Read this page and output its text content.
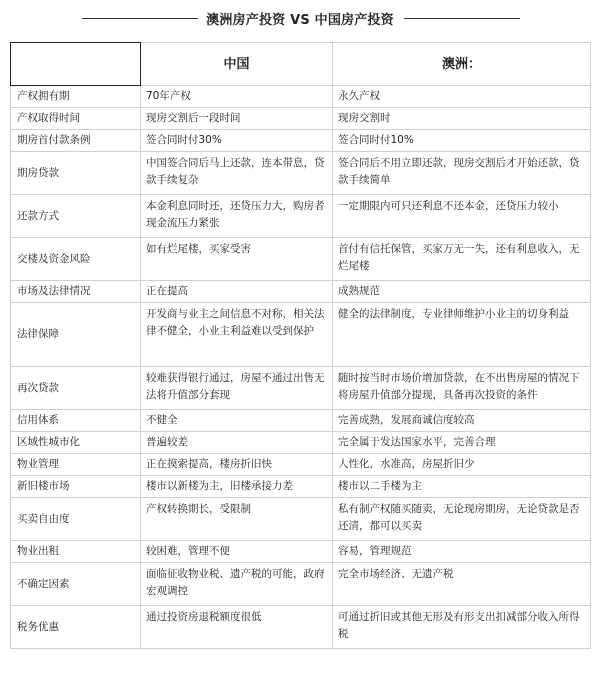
澳洲房产投资 VS 中国房产投资
	中国	澳洲：
产权拥有期	70年产权	永久产权
产权取得时间	现房交割后一段时间	现房交割时
期房首付款条例	签合同时付30%	签合同时付10%
期房贷款	中国签合同后马上还款，连本带息，贷款手续复杂	签合同后不用立即还款，现房交割后才开始还款，贷款手续简单
还款方式	本金利息同时还，还贷压力大，购房者现金流压力紧张	一定期限内可只还利息不还本金，还贷压力较小
交楼及资金风险	如有烂尾楼，买家受害	首付有信托保管，买家万无一失，还有利息收入，无烂尾楼
市场及法律情况	正在提高	成熟规范
法律保障	开发商与业主之间信息不对称，相关法律不健全，小业主利益难以受到保护	健全的法律制度，专业律师维护小业主的切身利益
再次贷款	较难获得银行通过，房屋不通过出售无法将升值部分套现	随时按当时市场价增加贷款，在不出售房屋的情况下将房屋升值部分提现，具备再次投资的条件
信用体系	不健全	完善成熟，发展商诚信度较高
区域性城市化	普遍较差	完全属于发达国家水平，完善合理
物业管理	正在摸索提高，楼房折旧快	人性化，水准高，房屋折旧少
新旧楼市场	楼市以新楼为主，旧楼承接力差	楼市以二手楼为主
买卖自由度	产权转换期长，受限制	私有制产权随买随卖，无论现房期房，无论贷款是否还清，都可以买卖
物业出租	较困难，管理不便	容易，管理规范
不确定因素	面临征收物业税、遗产税的可能，政府宏观调控	完全市场经济、无遗产税
税务优惠	通过投资房退税额度很低	可通过折旧或其他无形及有形支出扣减部分收入所得税
